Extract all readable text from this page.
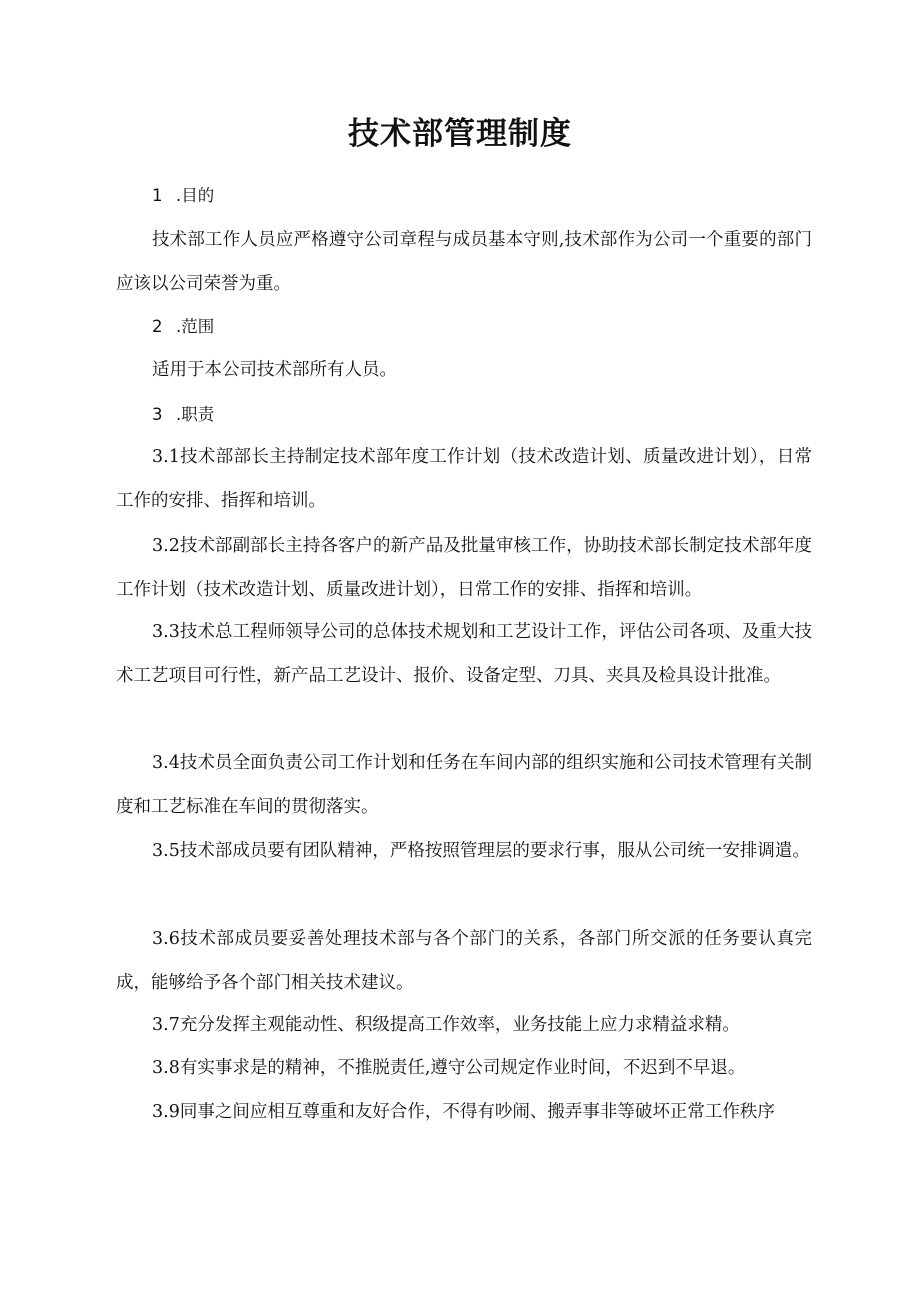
技术部管理制度

1 .目的

技术部工作人员应严格遵守公司章程与成员基本守则,技术部作为公司一个重要的部门应该以公司荣誉为重。

2 .范围

适用于本公司技术部所有人员。

3 .职责

3.1技术部部长主持制定技术部年度工作计划（技术改造计划、质量改进计划），日常工作的安排、指挥和培训。

3.2技术部副部长主持各客户的新产品及批量审核工作，协助技术部长制定技术部年度工作计划（技术改造计划、质量改进计划），日常工作的安排、指挥和培训。

3.3技术总工程师领导公司的总体技术规划和工艺设计工作，评估公司各项、及重大技术工艺项目可行性，新产品工艺设计、报价、设备定型、刀具、夹具及检具设计批准。

3.4技术员全面负责公司工作计划和任务在车间内部的组织实施和公司技术管理有关制度和工艺标准在车间的贯彻落实。

3.5技术部成员要有团队精神，严格按照管理层的要求行事，服从公司统一安排调遣。

3.6技术部成员要妥善处理技术部与各个部门的关系，各部门所交派的任务要认真完成，能够给予各个部门相关技术建议。

3.7充分发挥主观能动性、积级提高工作效率，业务技能上应力求精益求精。

3.8有实事求是的精神，不推脱责任,遵守公司规定作业时间，不迟到不早退。

3.9同事之间应相互尊重和友好合作，不得有吵闹、搬弄事非等破坏正常工作秩序
